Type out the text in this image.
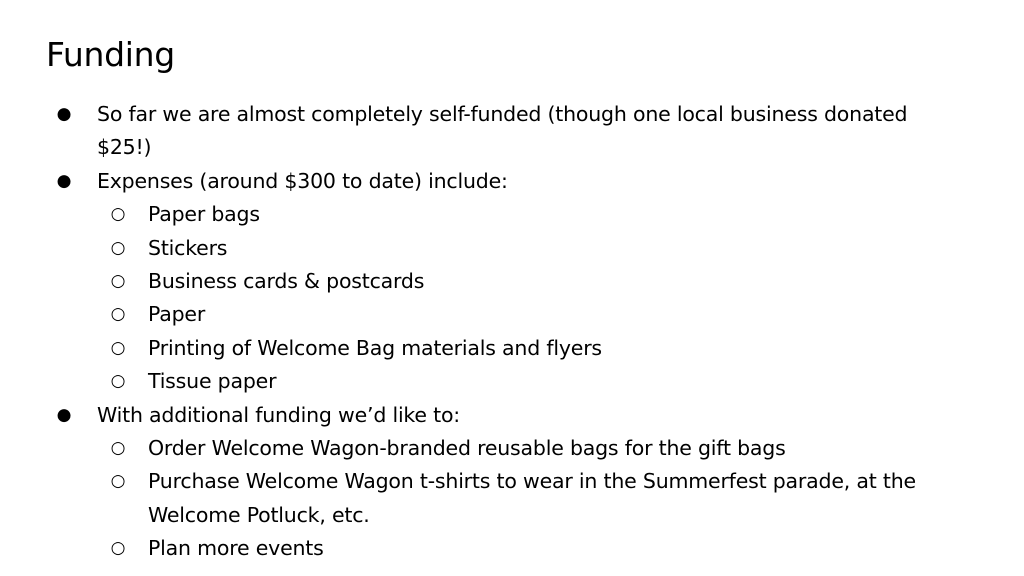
Funding
● So far we are almost completely self-funded (though one local business donated
$25!)
● Expenses (around $300 to date) include:
○ Paper bags
○ Stickers
○ Business cards & postcards
○ Paper
○ Printing of Welcome Bag materials and flyers
○ Tissue paper
● With additional funding we’d like to:
○ Order Welcome Wagon-branded reusable bags for the gift bags
○ Purchase Welcome Wagon t-shirts to wear in the Summerfest parade, at the
Welcome Potluck, etc.
○ Plan more events
